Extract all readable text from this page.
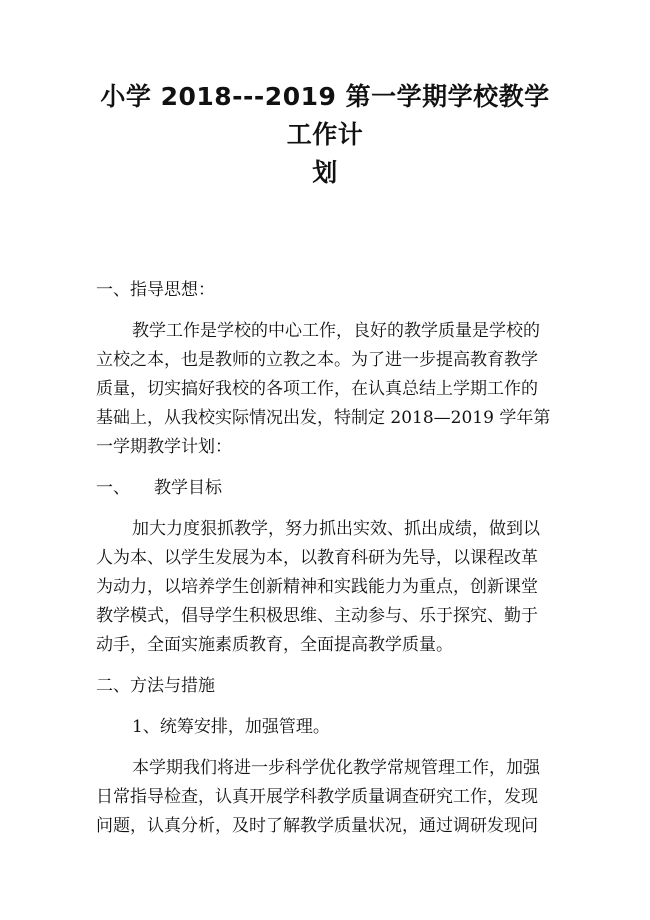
小学 2018---2019 第一学期学校教学工作计
划

一、指导思想：

教学工作是学校的中心工作，良好的教学质量是学校的
立校之本，也是教师的立教之本。为了进一步提高教育教学
质量，切实搞好我校的各项工作，在认真总结上学期工作的
基础上，从我校实际情况出发，特制定 2018—2019 学年第
一学期教学计划：

一、 教学目标

加大力度狠抓教学，努力抓出实效、抓出成绩，做到以
人为本、以学生发展为本，以教育科研为先导，以课程改革
为动力，以培养学生创新精神和实践能力为重点，创新课堂
教学模式，倡导学生积极思维、主动参与、乐于探究、勤于
动手，全面实施素质教育，全面提高教学质量。

二、方法与措施

1、统筹安排，加强管理。

本学期我们将进一步科学优化教学常规管理工作，加强
日常指导检查，认真开展学科教学质量调查研究工作，发现
问题，认真分析，及时了解教学质量状况，通过调研发现问
